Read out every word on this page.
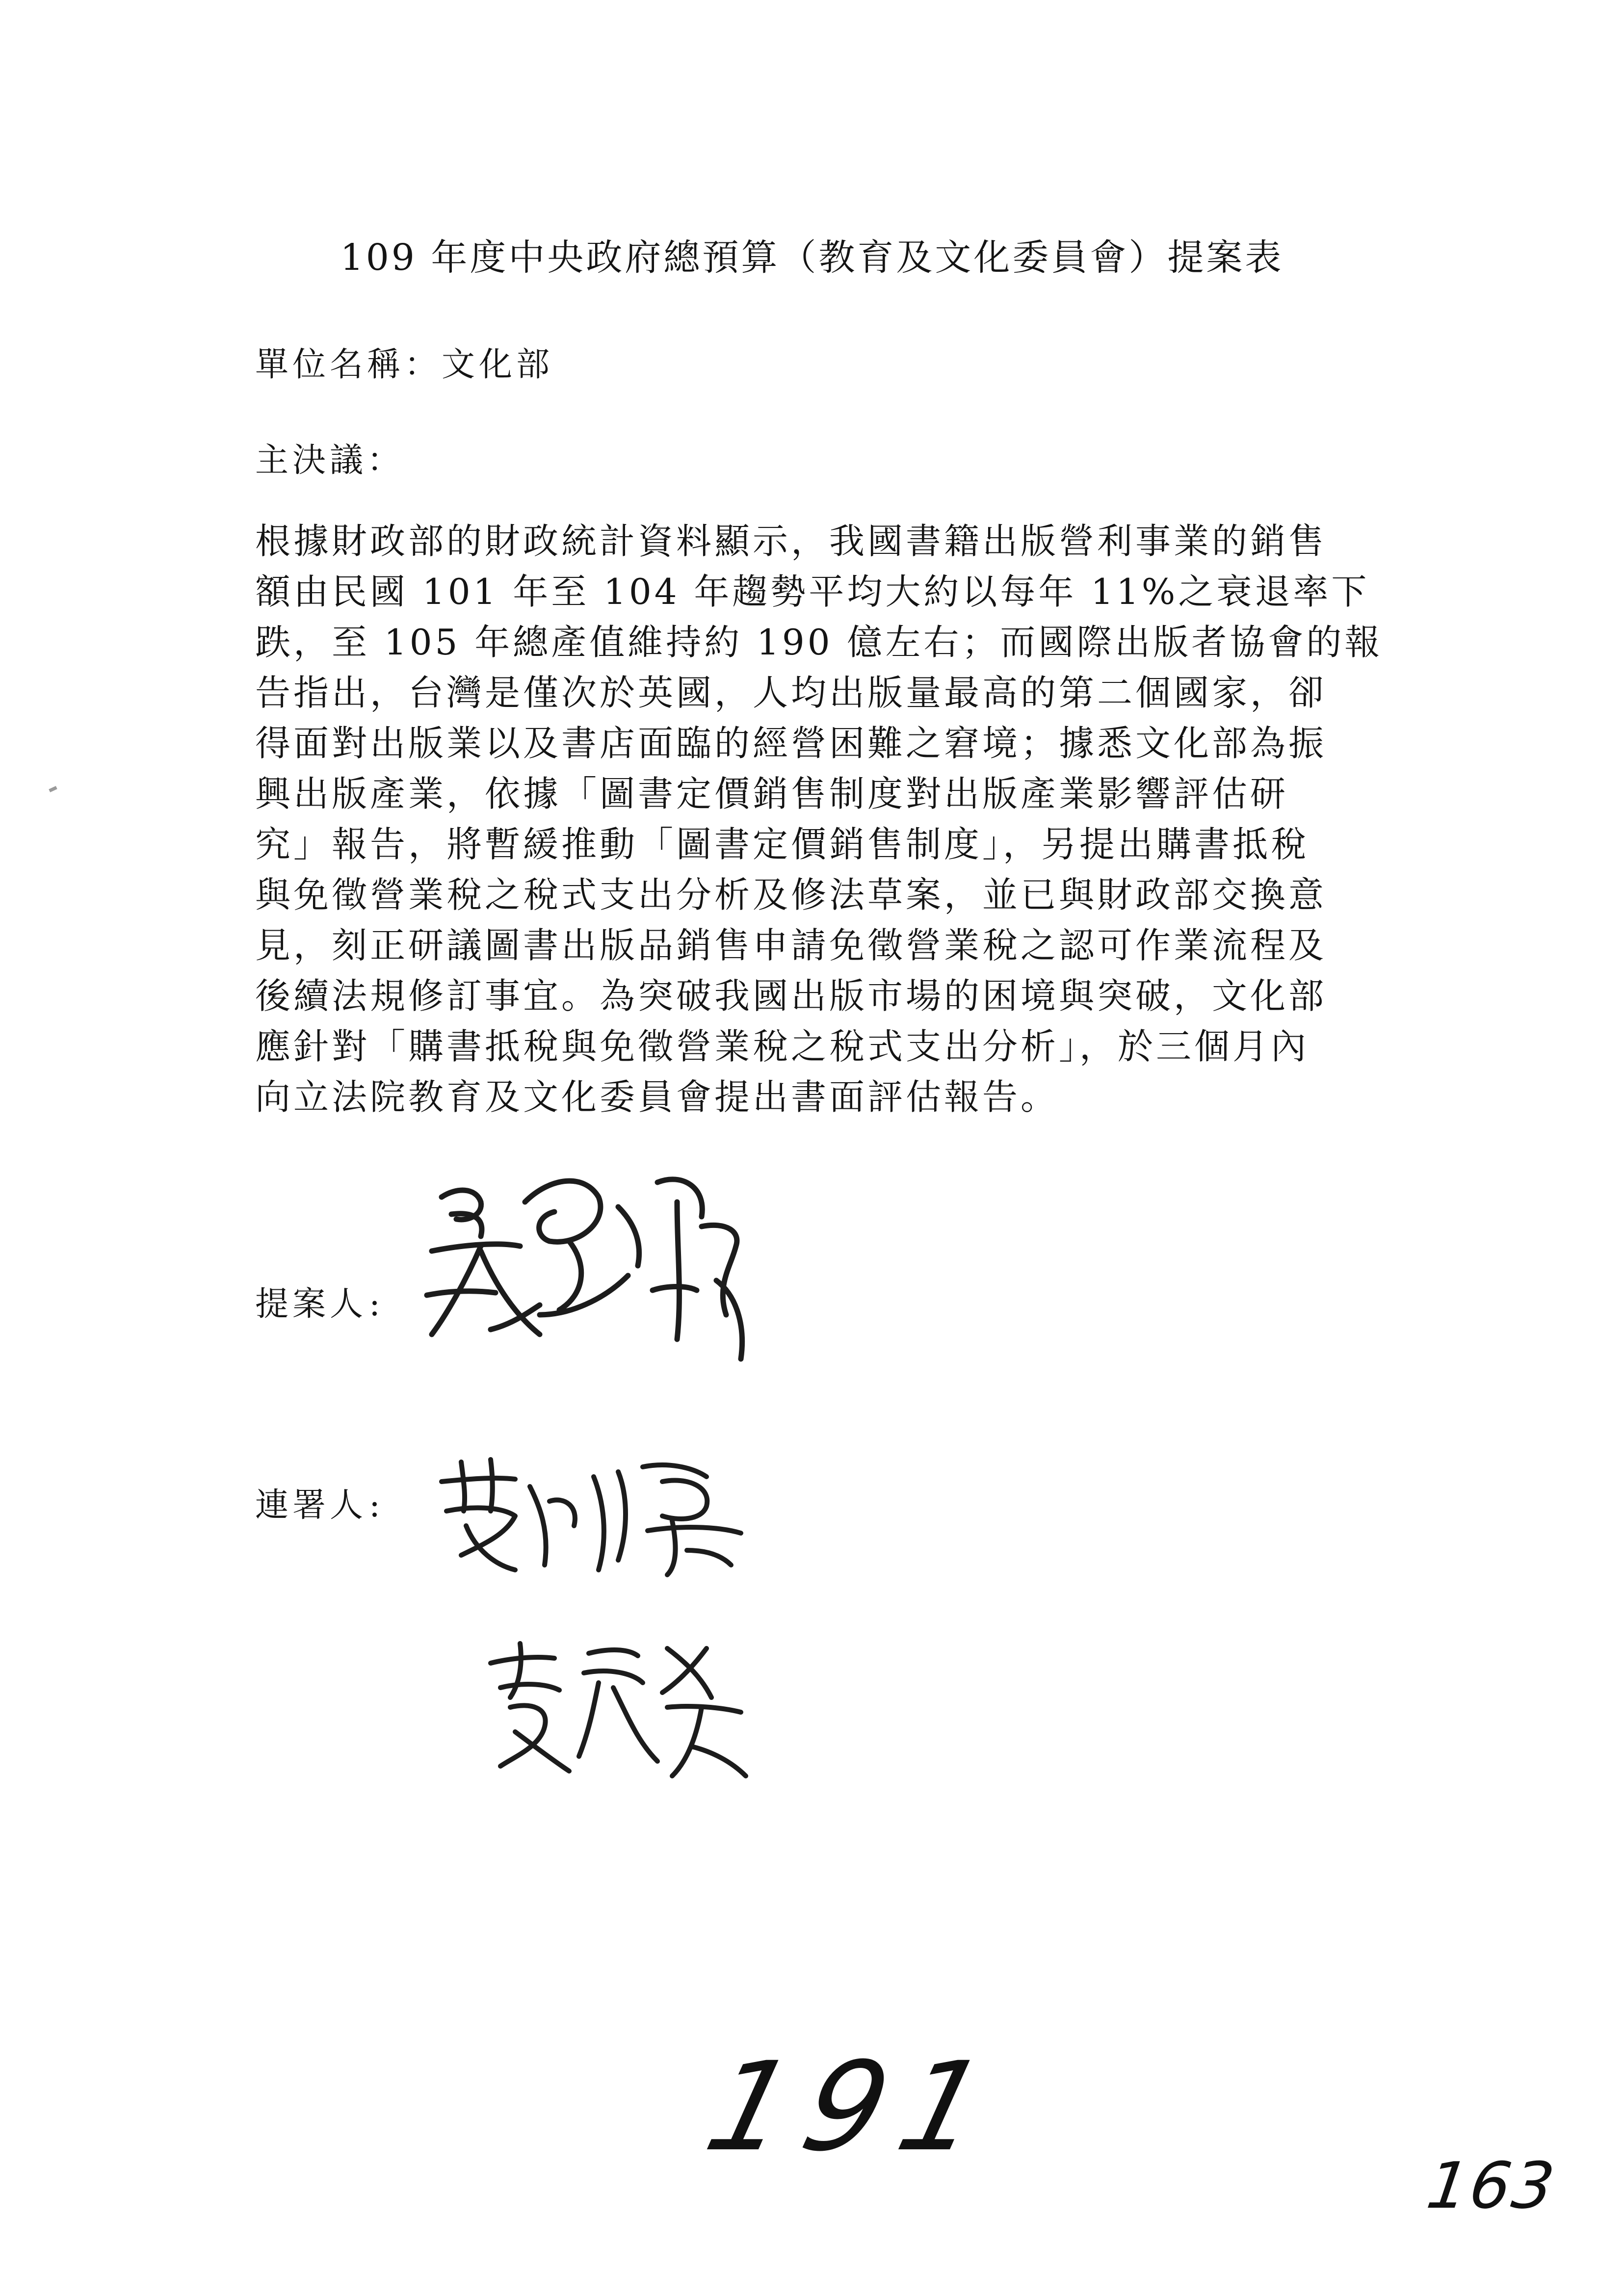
109 年度中央政府總預算（教育及文化委員會）提案表
單位名稱：文化部
主決議：
根據財政部的財政統計資料顯示，我國書籍出版營利事業的銷售
額由民國 101 年至 104 年趨勢平均大約以每年 11%之衰退率下
跌，至 105 年總產值維持約 190 億左右；而國際出版者協會的報
告指出，台灣是僅次於英國，人均出版量最高的第二個國家，卻
得面對出版業以及書店面臨的經營困難之窘境；據悉文化部為振
興出版產業，依據「圖書定價銷售制度對出版產業影響評估研
究」報告，將暫緩推動「圖書定價銷售制度」，另提出購書抵稅
與免徵營業稅之稅式支出分析及修法草案，並已與財政部交換意
見，刻正研議圖書出版品銷售申請免徵營業稅之認可作業流程及
後續法規修訂事宜。為突破我國出版市場的困境與突破，文化部
應針對「購書抵稅與免徵營業稅之稅式支出分析」，於三個月內
向立法院教育及文化委員會提出書面評估報告。
提案人:
連署人:
吳思瑤
蔡培慧
李麗芬
191
163
